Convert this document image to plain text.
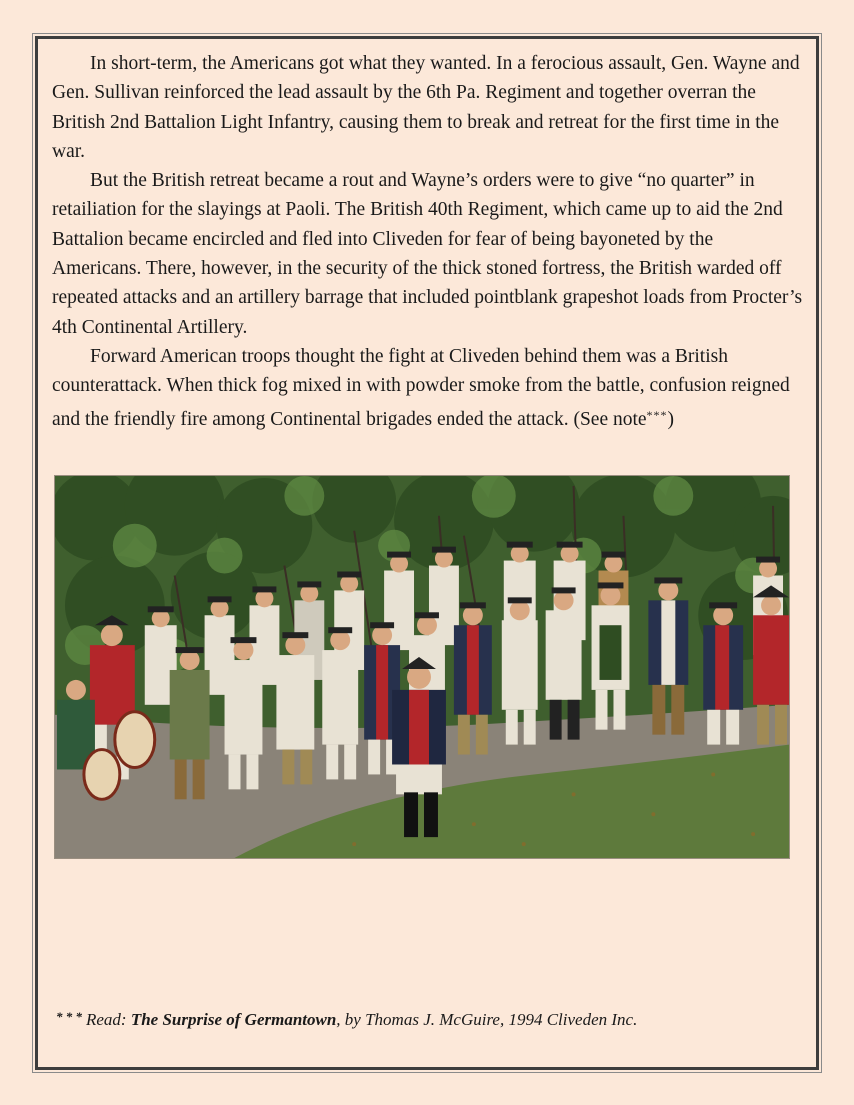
In short-term, the Americans got what they wanted. In a ferocious assault, Gen. Wayne and Gen. Sullivan reinforced the lead assault by the 6th Pa. Regiment and together overran the British 2nd Battalion Light Infantry, causing them to break and retreat for the first time in the war.

But the British retreat became a rout and Wayne’s orders were to give “no quarter” in retailiation for the slayings at Paoli. The British 40th Regiment, which came up to aid the 2nd Battalion became encircled and fled into Cliveden for fear of being bayoneted by the Americans. There, however, in the security of the thick stoned fortress, the British warded off repeated attacks and an artillery barrage that included pointblank grapeshot loads from Procter’s 4th Continental Artillery.

Forward American troops thought the fight at Cliveden behind them was a British counterattack. When thick fog mixed in with powder smoke from the battle, confusion reigned and the friendly fire among Continental brigades ended the attack. (See note***)

* * * Read: The Surprise of Germantown, by Thomas J. McGuire, 1994 Cliveden Inc.
